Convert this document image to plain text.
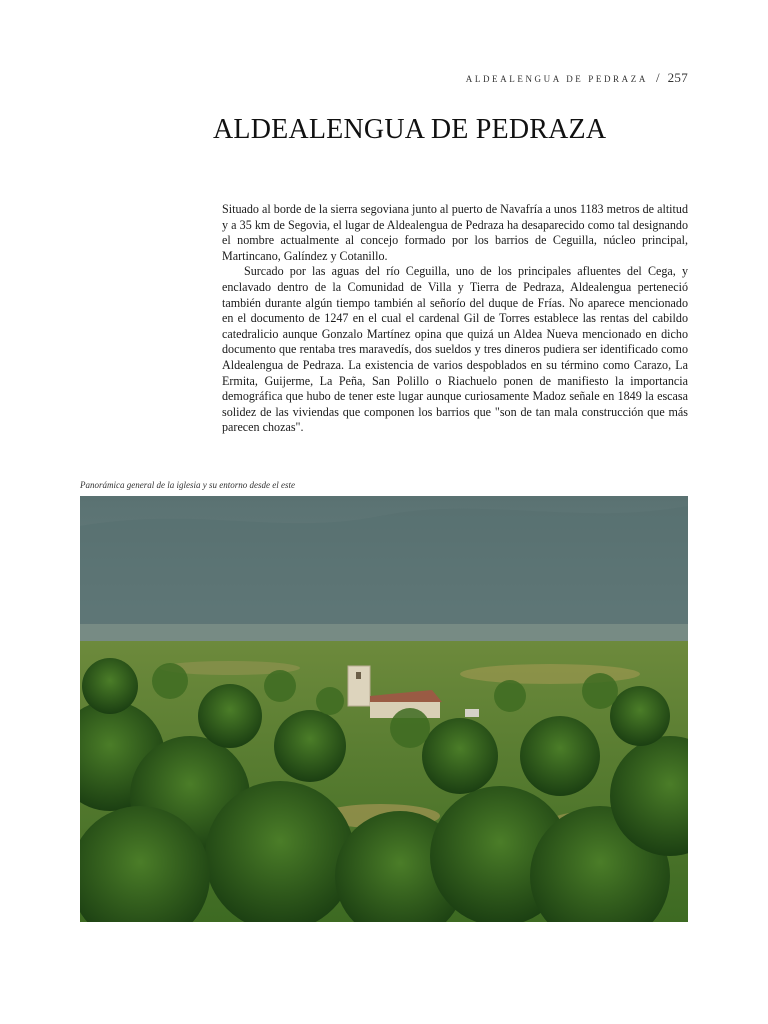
ALDEALENGUA DE PEDRAZA / 257
ALDEALENGUA DE PEDRAZA

Situado al borde de la sierra segoviana junto al puerto de Navafría a unos 1183 metros de altitud y a 35 km de Segovia, el lugar de Aldealengua de Pedraza ha desaparecido como tal designando el nombre actualmente al concejo formado por los barrios de Ceguilla, núcleo principal, Martincano, Galíndez y Cotanillo.

Surcado por las aguas del río Ceguilla, uno de los principales afluentes del Cega, y enclavado dentro de la Comunidad de Villa y Tierra de Pedraza, Aldealengua perteneció también durante algún tiempo también al señorío del duque de Frías. No aparece mencionado en el documento de 1247 en el cual el cardenal Gil de Torres establece las rentas del cabildo catedralicio aunque Gonzalo Martínez opina que quizá un Aldea Nueva mencionado en dicho documento que rentaba tres maravedís, dos sueldos y tres dineros pudiera ser identificado como Aldealengua de Pedraza. La existencia de varios despoblados en su término como Carazo, La Ermita, Guijerme, La Peña, San Polillo o Riachuelo ponen de manifiesto la importancia demográfica que hubo de tener este lugar aunque curiosamente Madoz señale en 1849 la escasa solidez de las viviendas que componen los barrios que "son de tan mala construcción que más parecen chozas".

Panorámica general de la iglesia y su entorno desde el este
